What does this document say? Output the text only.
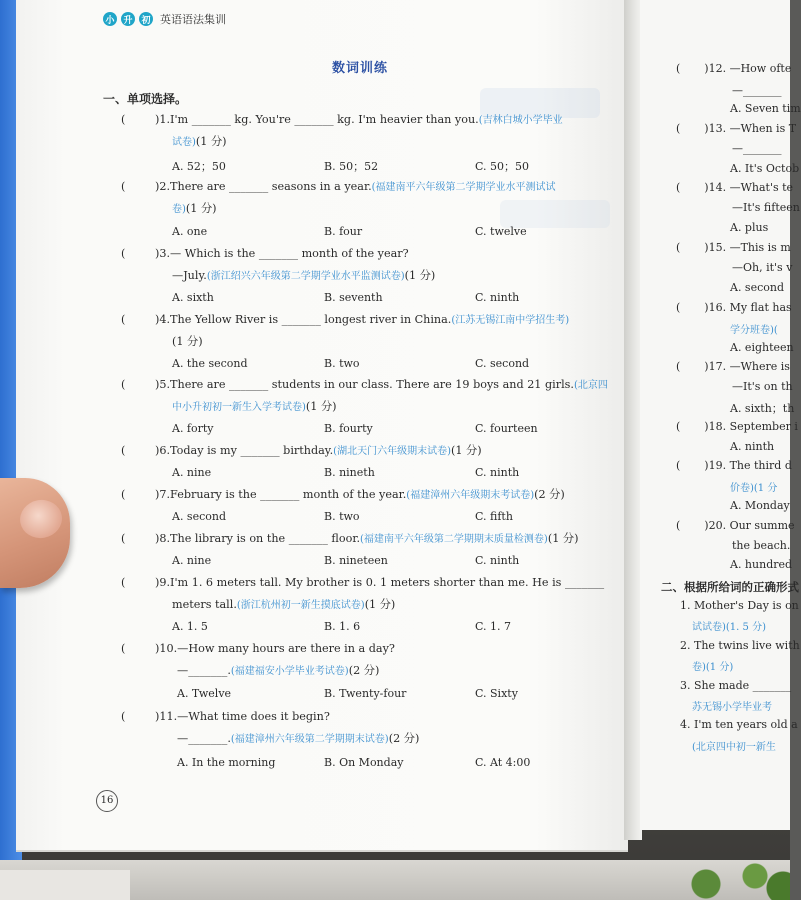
小 升 初 英语语法集训
数词训练
一、单项选择。
(	)1.I'm _______ kg. You're _______ kg. I'm heavier than you.(吉林白城小学毕业
试卷)(1 分)
A. 52；50	B. 50；52	C. 50；50
(	)2.There are _______ seasons in a year.(福建南平六年级第二学期学业水平测试试
卷)(1 分)
A. one	B. four	C. twelve
(	)3.— Which is the _______ month of the year?
—July.(浙江绍兴六年级第二学期学业水平监测试卷)(1 分)
A. sixth	B. seventh	C. ninth
(	)4.The Yellow River is _______ longest river in China.(江苏无锡江南中学招生考)
(1 分)
A. the second	B. two	C. second
(	)5.There are _______ students in our class. There are 19 boys and 21 girls.(北京四
中小升初初一新生入学考试卷)(1 分)
A. forty	B. fourty	C. fourteen
(	)6.Today is my _______ birthday.(湖北天门六年级期末试卷)(1 分)
A. nine	B. nineth	C. ninth
(	)7.February is the _______ month of the year.(福建漳州六年级期末考试卷)(2 分)
A. second	B. two	C. fifth
(	)8.The library is on the _______ floor.(福建南平六年级第二学期期末质量检测卷)(1 分)
A. nine	B. nineteen	C. ninth
(	)9.I'm 1. 6 meters tall. My brother is 0. 1 meters shorter than me. He is _______
meters tall.(浙江杭州初一新生摸底试卷)(1 分)
A. 1. 5	B. 1. 6	C. 1. 7
(	)10.—How many hours are there in a day?
—_______.(福建福安小学毕业考试卷)(2 分)
A. Twelve	B. Twenty-four	C. Sixty
(	)11.—What time does it begin?
—_______.(福建漳州六年级第二学期期末试卷)(2 分)
A. In the morning	B. On Monday	C. At 4:00
16
( )12. —How ofte
—_______
A. Seven tim
( )13. —When is T
—_______
A. It's Octob
( )14. —What's te
—It's fifteen
A. plus
( )15. —This is m
—Oh, it's v
A. second
( )16. My flat has
学分班卷)(
A. eighteen
( )17. —Where is
—It's on th
A. sixth；th
( )18. September i
A. ninth
( )19. The third d
价卷)(1 分
A. Monday
( )20. Our summe
the beach.
A. hundred
二、根据所给词的正确形式
1. Mother's Day is on
试试卷)(1. 5 分)
2. The twins live with
卷)(1 分)
3. She made _______
苏无锡小学毕业考
4. I'm ten years old a
(北京四中初一新生
